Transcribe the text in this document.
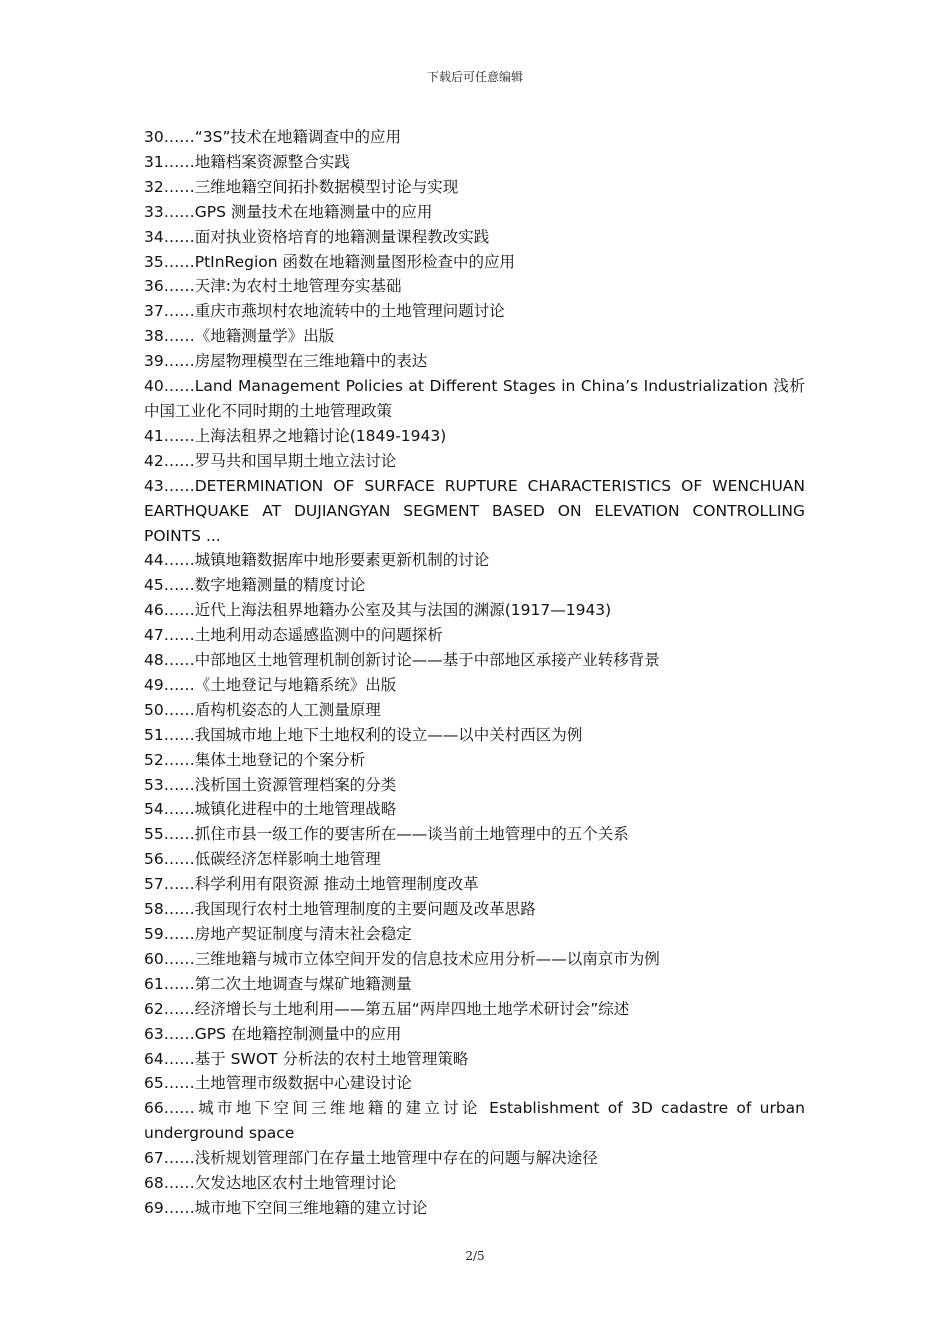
下载后可任意编辑

30……“3S”技术在地籍调查中的应用

31……地籍档案资源整合实践

32……三维地籍空间拓扑数据模型讨论与实现

33……GPS 测量技术在地籍测量中的应用

34……面对执业资格培育的地籍测量课程教改实践

35……PtInRegion 函数在地籍测量图形检查中的应用

36……天津:为农村土地管理夯实基础

37……重庆市燕坝村农地流转中的土地管理问题讨论

38……《地籍测量学》出版

39……房屋物理模型在三维地籍中的表达

40……Land Management Policies at Different Stages in China’s Industrialization 浅析中国工业化不同时期的土地管理政策

41……上海法租界之地籍讨论(1849-1943)

42……罗马共和国早期土地立法讨论

43……DETERMINATION OF SURFACE RUPTURE CHARACTERISTICS OF WENCHUAN EARTHQUAKE AT DUJIANGYAN SEGMENT BASED ON ELEVATION CONTROLLING POINTS ...

44……城镇地籍数据库中地形要素更新机制的讨论

45……数字地籍测量的精度讨论

46……近代上海法租界地籍办公室及其与法国的渊源(1917—1943)

47……土地利用动态遥感监测中的问题探析

48……中部地区土地管理机制创新讨论——基于中部地区承接产业转移背景

49……《土地登记与地籍系统》出版

50……盾构机姿态的人工测量原理

51……我国城市地上地下土地权利的设立——以中关村西区为例

52……集体土地登记的个案分析

53……浅析国土资源管理档案的分类

54……城镇化进程中的土地管理战略

55……抓住市县一级工作的要害所在——谈当前土地管理中的五个关系

56……低碳经济怎样影响土地管理

57……科学利用有限资源 推动土地管理制度改革

58……我国现行农村土地管理制度的主要问题及改革思路

59……房地产契证制度与清末社会稳定

60……三维地籍与城市立体空间开发的信息技术应用分析——以南京市为例

61……第二次土地调查与煤矿地籍测量

62……经济增长与土地利用——第五届“两岸四地土地学术研讨会”综述

63……GPS 在地籍控制测量中的应用

64……基于 SWOT 分析法的农村土地管理策略

65……土地管理市级数据中心建设讨论

66……城市地下空间三维地籍的建立讨论 Establishment of 3D cadastre of urban underground space

67……浅析规划管理部门在存量土地管理中存在的问题与解决途径

68……欠发达地区农村土地管理讨论

69……城市地下空间三维地籍的建立讨论

2/5
